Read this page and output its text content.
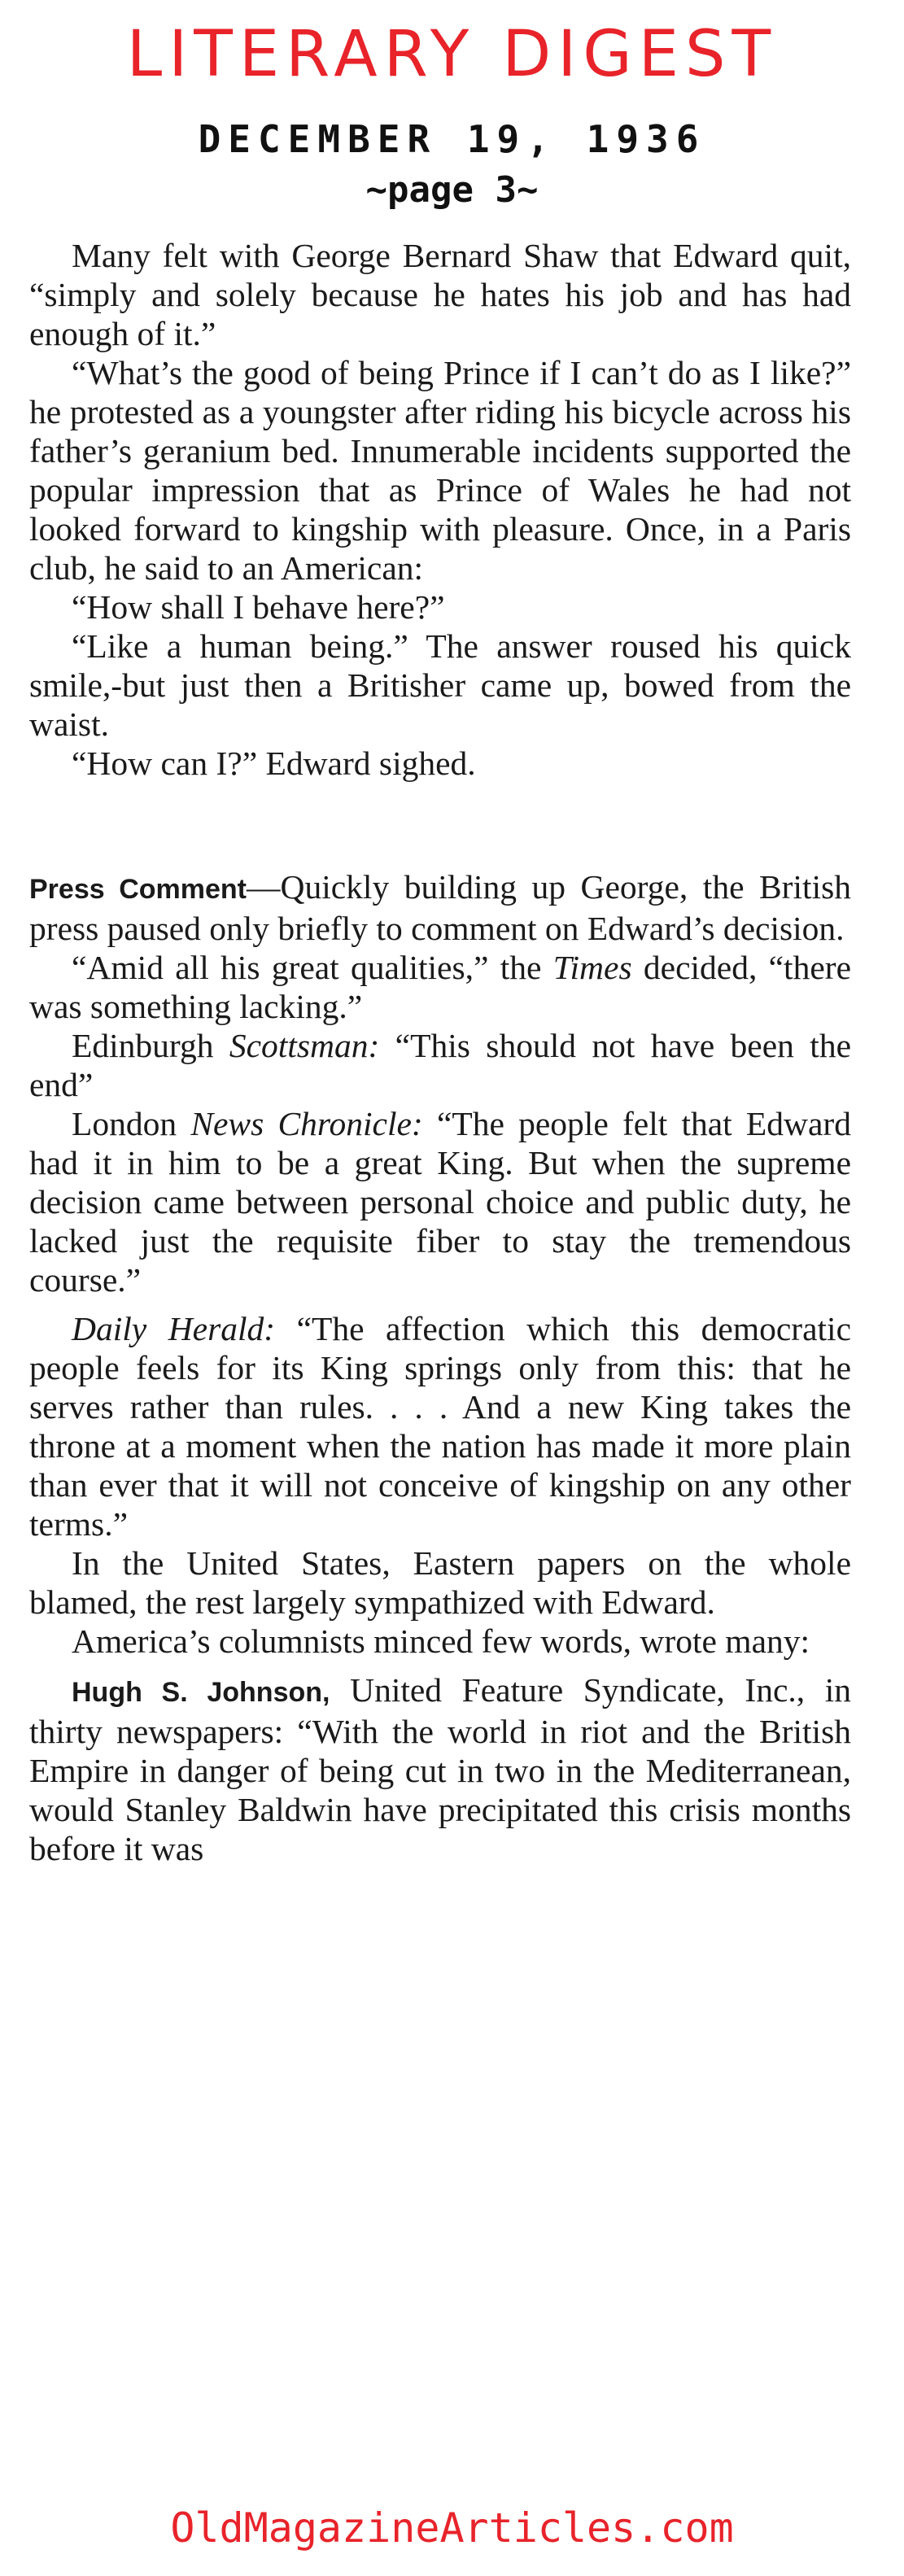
LITERARY DIGEST
DECEMBER 19, 1936
~page 3~

Many felt with George Bernard Shaw that Edward quit, “simply and solely because he hates his job and has had enough of it.”

“What’s the good of being Prince if I can’t do as I like?” he protested as a youngster after riding his bicycle across his father’s geranium bed. Innumerable incidents supported the popular impression that as Prince of Wales he had not looked forward to kingship with pleasure. Once, in a Paris club, he said to an American:

“How shall I behave here?”

“Like a human being.” The answer roused his quick smile,-but just then a Britisher came up, bowed from the waist.

“How can I?” Edward sighed.

Press Comment—Quickly building up George, the British press paused only briefly to comment on Edward’s decision.

“Amid all his great qualities,” the Times decided, “there was something lacking.”

Edinburgh Scottsman: “This should not have been the end”

London News Chronicle: “The people felt that Edward had it in him to be a great King. But when the supreme decision came between personal choice and public duty, he lacked just the requisite fiber to stay the tremendous course.”

Daily Herald: “The affection which this democratic people feels for its King springs only from this: that he serves rather than rules. . . . And a new King takes the throne at a moment when the nation has made it more plain than ever that it will not conceive of kingship on any other terms.”

In the United States, Eastern papers on the whole blamed, the rest largely sympathized with Edward.

America’s columnists minced few words, wrote many:

Hugh S. Johnson, United Feature Syndicate, Inc., in thirty newspapers: “With the world in riot and the British Empire in danger of being cut in two in the Mediterranean, would Stanley Baldwin have precipitated this crisis months before it was

OldMagazineArticles.com
